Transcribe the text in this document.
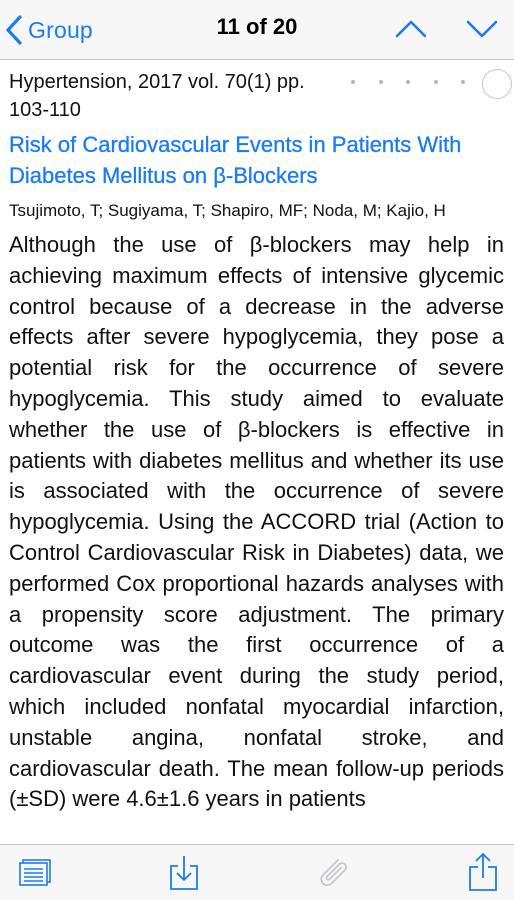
Group	11 of 20
Hypertension, 2017 vol. 70(1) pp. 103-110
Risk of Cardiovascular Events in Patients With Diabetes Mellitus on β-Blockers
Tsujimoto, T; Sugiyama, T; Shapiro, MF; Noda, M; Kajio, H

Although the use of β-blockers may help in achieving maximum effects of intensive glycemic control because of a decrease in the adverse effects after severe hypoglycemia, they pose a potential risk for the occurrence of severe hypoglycemia. This study aimed to evaluate whether the use of β-blockers is effective in patients with diabetes mellitus and whether its use is associated with the occurrence of severe hypoglycemia. Using the ACCORD trial (Action to Control Cardiovascular Risk in Diabetes) data, we performed Cox proportional hazards analyses with a propensity score adjustment. The primary outcome was the first occurrence of a cardiovascular event during the study period, which included nonfatal myocardial infarction, unstable angina, nonfatal stroke, and cardiovascular death. The mean follow-up periods (±SD) were 4.6±1.6 years in patients
